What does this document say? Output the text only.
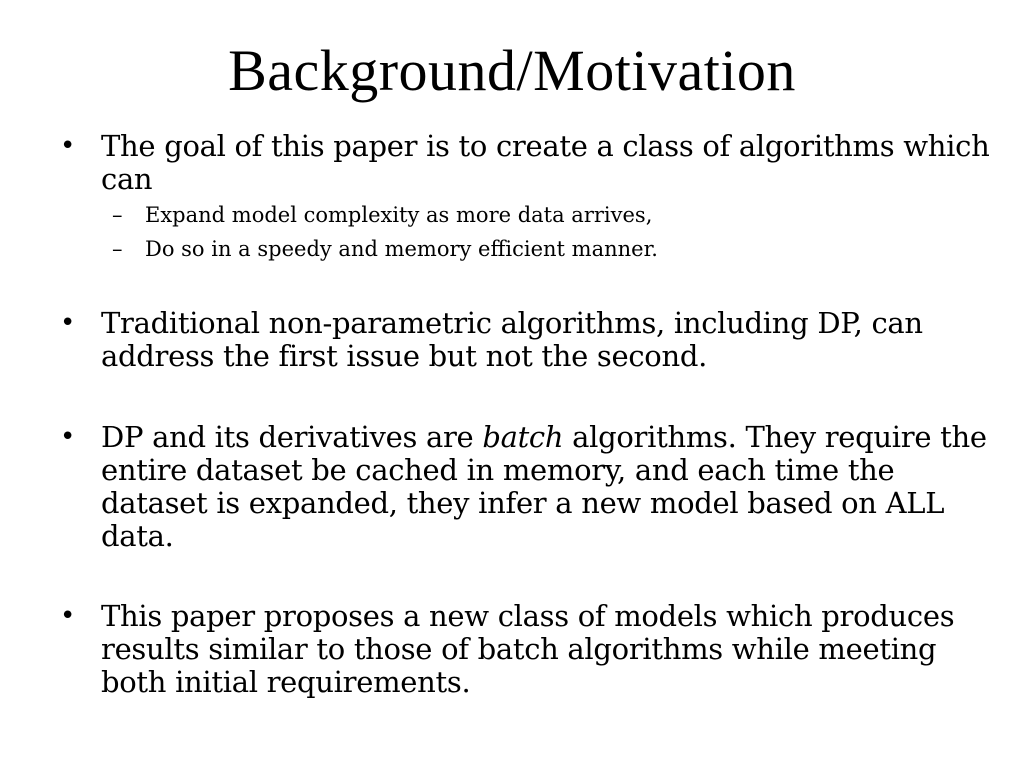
Background/Motivation
• The goal of this paper is to create a class of algorithms which can
– Expand model complexity as more data arrives,
– Do so in a speedy and memory efficient manner.
• Traditional non-parametric algorithms, including DP, can address the first issue but not the second.
• DP and its derivatives are batch algorithms. They require the entire dataset be cached in memory, and each time the dataset is expanded, they infer a new model based on ALL data.
• This paper proposes a new class of models which produces results similar to those of batch algorithms while meeting both initial requirements.
